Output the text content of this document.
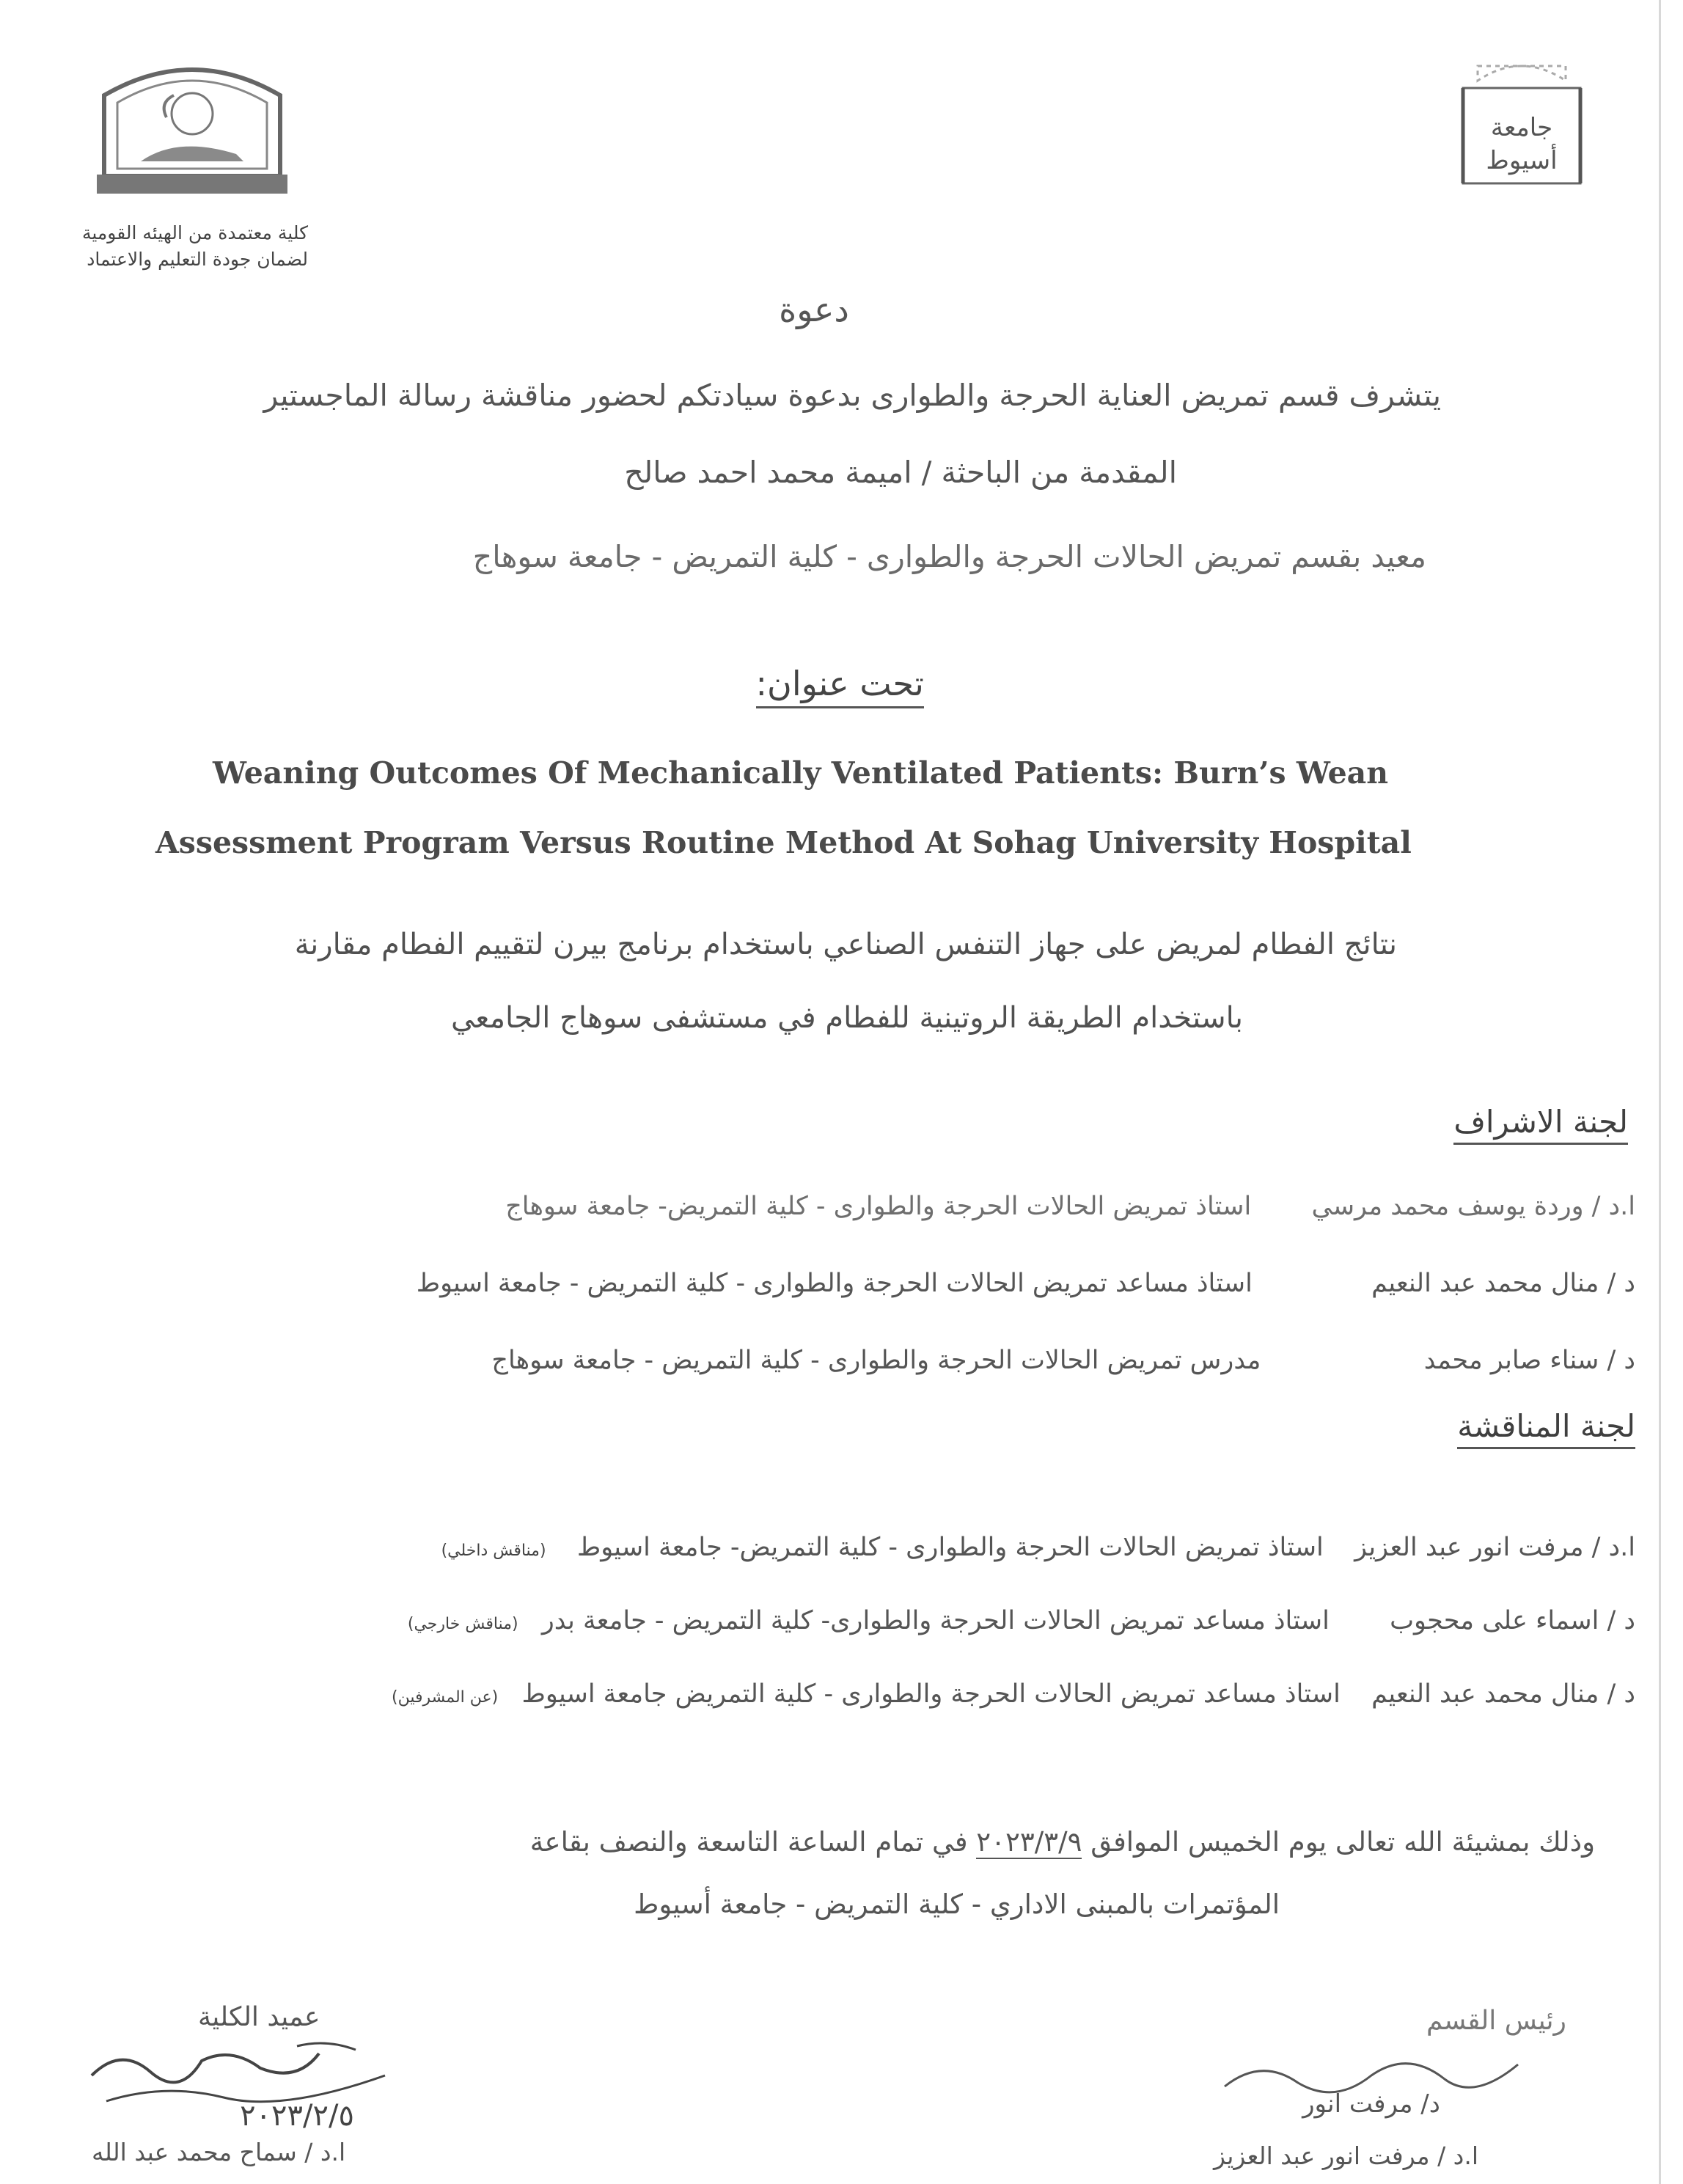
جامعة
أسيوط
كلية معتمدة من الهيئه القومية
لضمان جودة التعليم والاعتماد
دعوة
يتشرف قسم تمريض العناية الحرجة والطوارى بدعوة سيادتكم لحضور مناقشة رسالة الماجستير
المقدمة من الباحثة / اميمة محمد احمد صالح
معيد بقسم تمريض الحالات الحرجة والطوارى - كلية التمريض - جامعة سوهاج
تحت عنوان:
Weaning Outcomes Of Mechanically Ventilated Patients: Burn’s Wean
Assessment Program Versus Routine Method At Sohag University Hospital
نتائج الفطام لمريض على جهاز التنفس الصناعي باستخدام برنامج بيرن لتقييم الفطام مقارنة
باستخدام الطريقة الروتينية للفطام في مستشفى سوهاج الجامعي
لجنة الاشراف
ا.د / وردة يوسف محمد مرسي  استاذ تمريض الحالات الحرجة والطوارى - كلية التمريض- جامعة سوهاج
د / منال محمد عبد النعيم  استاذ مساعد تمريض الحالات الحرجة والطوارى - كلية التمريض - جامعة اسيوط
د / سناء صابر محمد  مدرس تمريض الحالات الحرجة والطوارى - كلية التمريض - جامعة سوهاج
لجنة المناقشة
ا.د / مرفت انور عبد العزيز  استاذ تمريض الحالات الحرجة والطوارى - كلية التمريض- جامعة اسيوط  (مناقش داخلي)
د / اسماء على محجوب  استاذ مساعد تمريض الحالات الحرجة والطوارى- كلية التمريض - جامعة بدر  (مناقش خارجي)
د / منال محمد عبد النعيم  استاذ مساعد تمريض الحالات الحرجة والطوارى - كلية التمريض جامعة اسيوط  (عن المشرفين)
وذلك بمشيئة الله تعالى يوم الخميس الموافق ٢٠٢٣/٣/٩ في تمام الساعة التاسعة والنصف بقاعة
المؤتمرات بالمبنى الاداري - كلية التمريض - جامعة أسيوط
عميد الكلية
٢٠٢٣/٢/٥
ا.د / سماح محمد عبد الله
رئيس القسم
د/ مرفت انور
ا.د / مرفت انور عبد العزيز
